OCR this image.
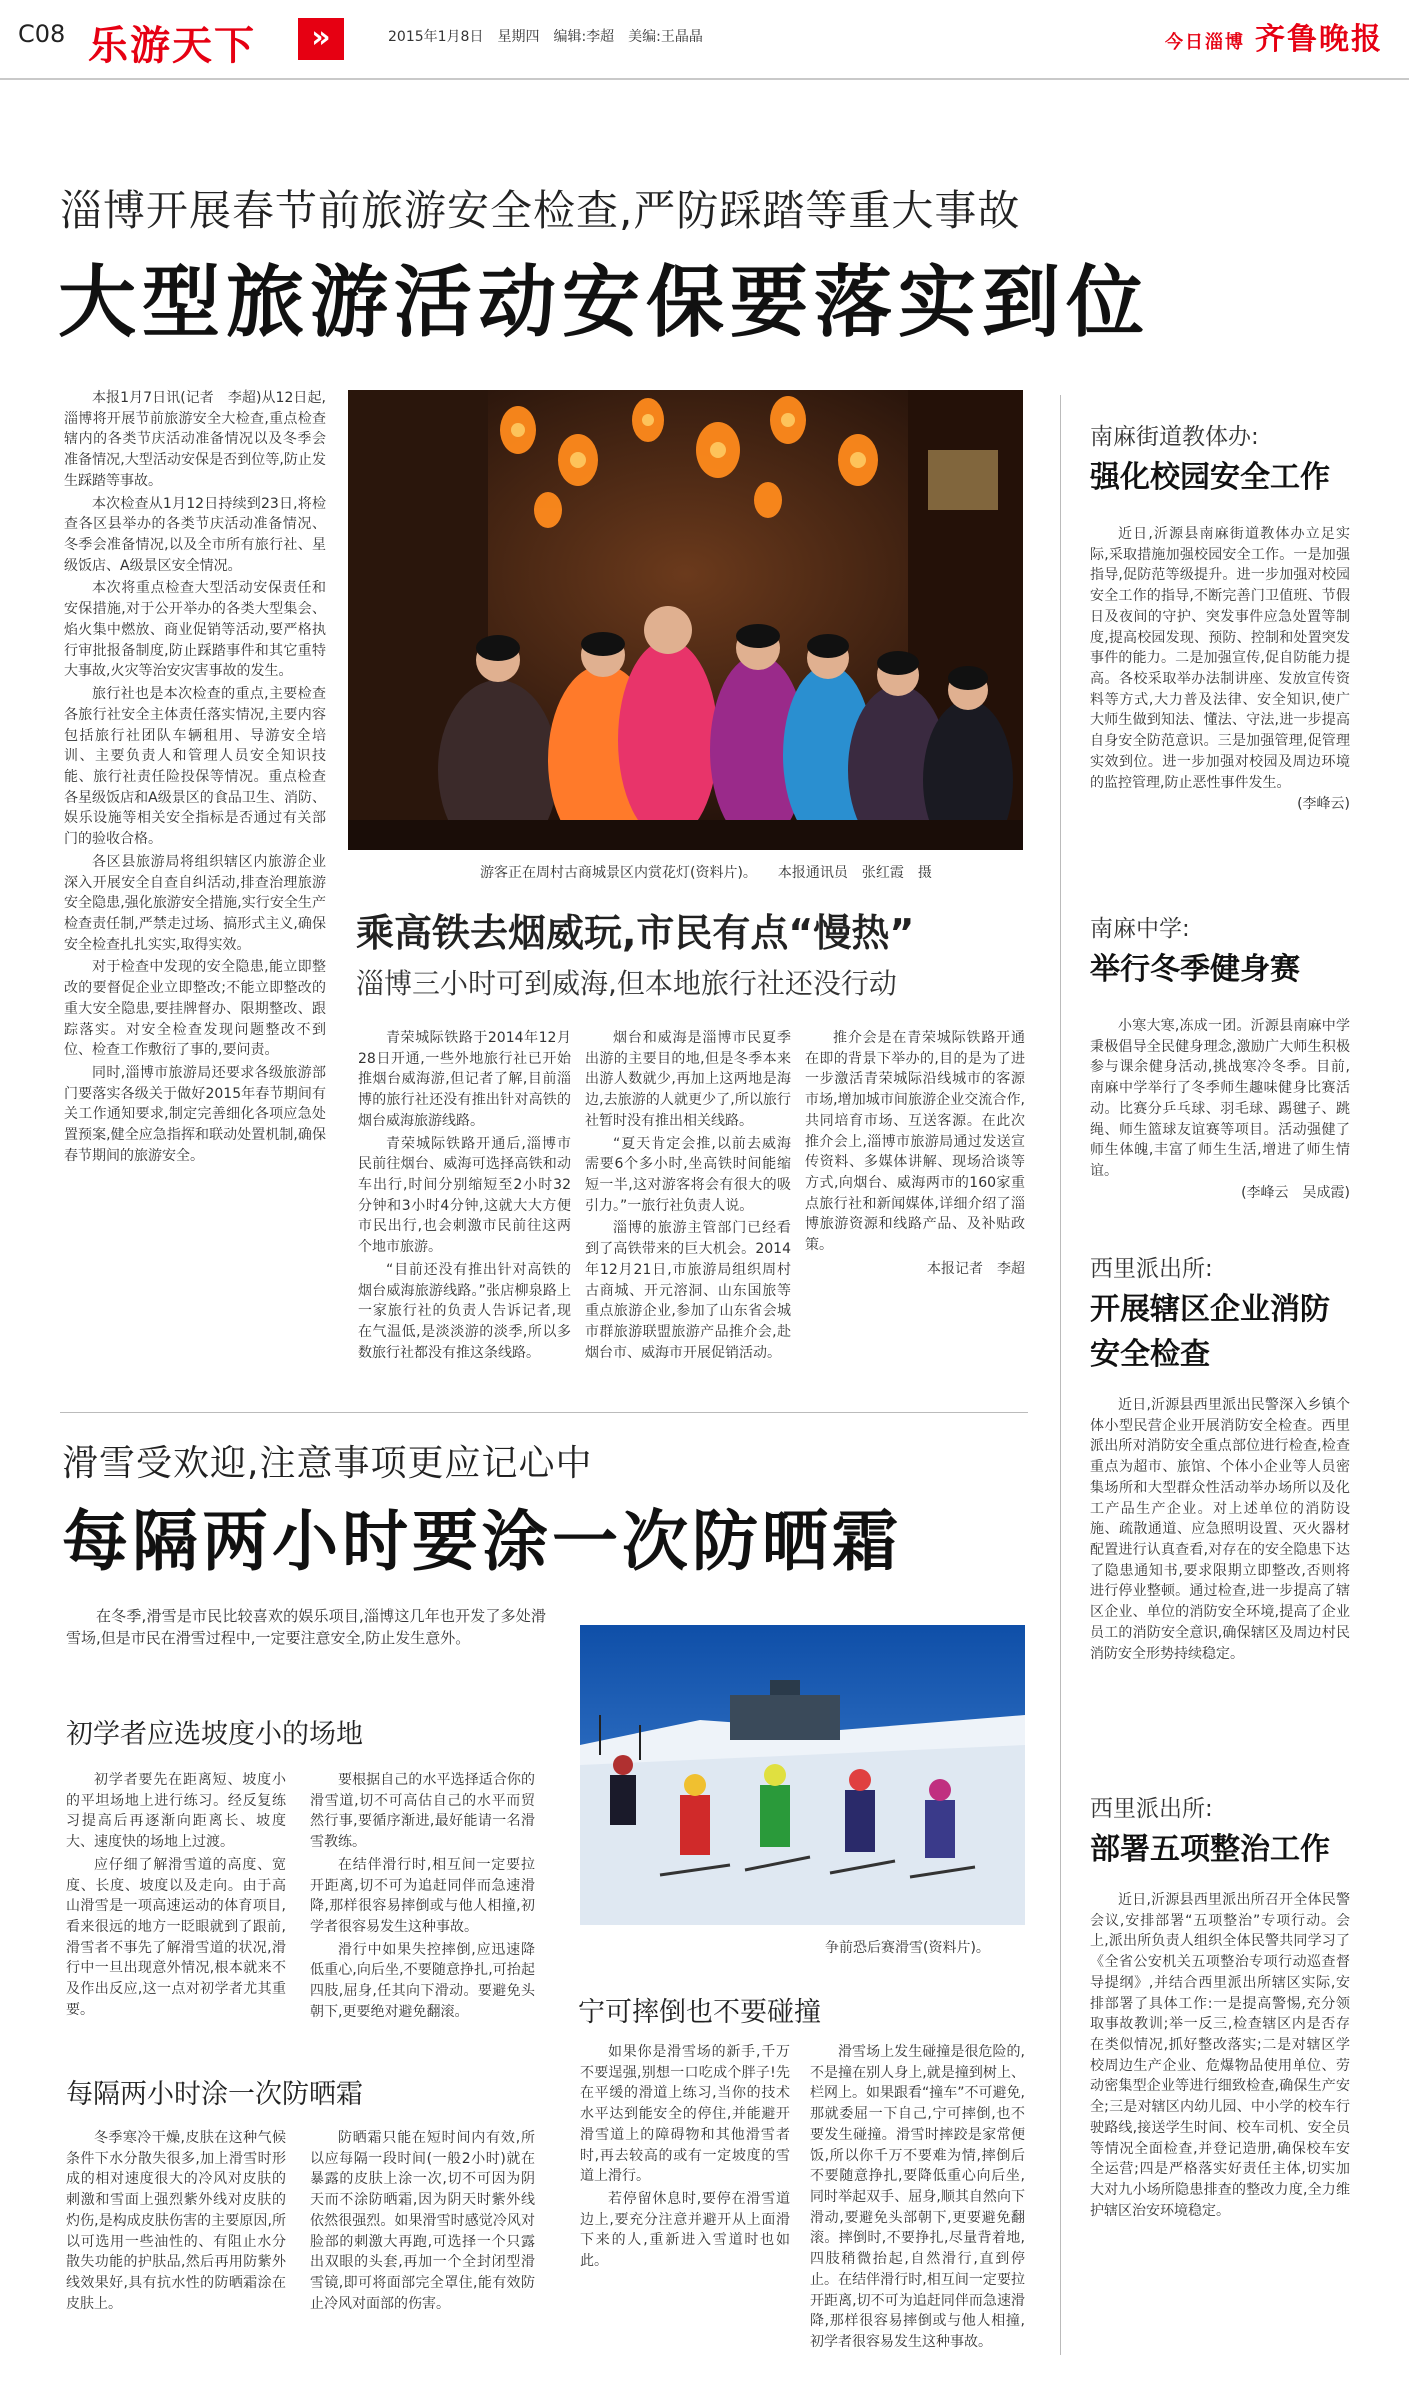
C08 乐游天下	»	2015年1月8日　星期四　编辑:李超　美编:王晶晶	今日淄博 齐鲁晚报
淄博开展春节前旅游安全检查,严防踩踏等重大事故
大型旅游活动安保要落实到位

本报1月7日讯(记者　李超)从12日起,淄博将开展节前旅游安全大检查,重点检查辖内的各类节庆活动准备情况以及冬季会准备情况,大型活动安保是否到位等,防止发生踩踏等事故。

本次检查从1月12日持续到23日,将检查各区县举办的各类节庆活动准备情况、冬季会准备情况,以及全市所有旅行社、星级饭店、A级景区安全情况。

本次将重点检查大型活动安保责任和安保措施,对于公开举办的各类大型集会、焰火集中燃放、商业促销等活动,要严格执行审批报备制度,防止踩踏事件和其它重特大事故,火灾等治安灾害事故的发生。

旅行社也是本次检查的重点,主要检查各旅行社安全主体责任落实情况,主要内容包括旅行社团队车辆租用、导游安全培训、主要负责人和管理人员安全知识技能、旅行社责任险投保等情况。重点检查各星级饭店和A级景区的食品卫生、消防、娱乐设施等相关安全指标是否通过有关部门的验收合格。

各区县旅游局将组织辖区内旅游企业深入开展安全自查自纠活动,排查治理旅游安全隐患,强化旅游安全措施,实行安全生产检查责任制,严禁走过场、搞形式主义,确保安全检查扎扎实实,取得实效。

对于检查中发现的安全隐患,能立即整改的要督促企业立即整改;不能立即整改的重大安全隐患,要挂牌督办、限期整改、跟踪落实。对安全检查发现问题整改不到位、检查工作敷衍了事的,要问责。

同时,淄博市旅游局还要求各级旅游部门要落实各级关于做好2015年春节期间有关工作通知要求,制定完善细化各项应急处置预案,健全应急指挥和联动处置机制,确保春节期间的旅游安全。

游客正在周村古商城景区内赏花灯(资料片)。　　本报通讯员　张红霞　摄
乘高铁去烟威玩,市民有点“慢热”
淄博三小时可到威海,但本地旅行社还没行动

青荣城际铁路于2014年12月28日开通,一些外地旅行社已开始推烟台威海游,但记者了解,目前淄博的旅行社还没有推出针对高铁的烟台威海旅游线路。

青荣城际铁路开通后,淄博市民前往烟台、威海可选择高铁和动车出行,时间分别缩短至2小时32分钟和3小时4分钟,这就大大方便市民出行,也会刺激市民前往这两个地市旅游。

“目前还没有推出针对高铁的烟台威海旅游线路。”张店柳泉路上一家旅行社的负责人告诉记者,现在气温低,是淡淡游的淡季,所以多数旅行社都没有推这条线路。

烟台和威海是淄博市民夏季出游的主要目的地,但是冬季本来出游人数就少,再加上这两地是海边,去旅游的人就更少了,所以旅行社暂时没有推出相关线路。

“夏天肯定会推,以前去威海需要6个多小时,坐高铁时间能缩短一半,这对游客将会有很大的吸引力。”一旅行社负责人说。

淄博的旅游主管部门已经看到了高铁带来的巨大机会。2014年12月21日,市旅游局组织周村古商城、开元溶洞、山东国旅等重点旅游企业,参加了山东省会城市群旅游联盟旅游产品推介会,赴烟台市、威海市开展促销活动。

推介会是在青荣城际铁路开通在即的背景下举办的,目的是为了进一步激活青荣城际沿线城市的客源市场,增加城市间旅游企业交流合作,共同培育市场、互送客源。在此次推介会上,淄博市旅游局通过发送宣传资料、多媒体讲解、现场洽谈等方式,向烟台、威海两市的160家重点旅行社和新闻媒体,详细介绍了淄博旅游资源和线路产品、及补贴政策。

本报记者　李超
滑雪受欢迎,注意事项更应记心中
每隔两小时要涂一次防晒霜

在冬季,滑雪是市民比较喜欢的娱乐项目,淄博这几年也开发了多处滑雪场,但是市民在滑雪过程中,一定要注意安全,防止发生意外。

初学者应选坡度小的场地

初学者要先在距离短、坡度小的平坦场地上进行练习。经反复练习提高后再逐渐向距离长、坡度大、速度快的场地上过渡。

应仔细了解滑雪道的高度、宽度、长度、坡度以及走向。由于高山滑雪是一项高速运动的体育项目,看来很远的地方一眨眼就到了跟前,滑雪者不事先了解滑雪道的状况,滑行中一旦出现意外情况,根本就来不及作出反应,这一点对初学者尤其重要。

要根据自己的水平选择适合你的滑雪道,切不可高估自己的水平而贸然行事,要循序渐进,最好能请一名滑雪教练。

在结伴滑行时,相互间一定要拉开距离,切不可为追赶同伴而急速滑降,那样很容易摔倒或与他人相撞,初学者很容易发生这种事故。

滑行中如果失控摔倒,应迅速降低重心,向后坐,不要随意挣扎,可抬起四肢,屈身,任其向下滑动。要避免头朝下,更要绝对避免翻滚。

每隔两小时涂一次防晒霜

冬季寒冷干燥,皮肤在这种气候条件下水分散失很多,加上滑雪时形成的相对速度很大的冷风对皮肤的刺激和雪面上强烈紫外线对皮肤的灼伤,是构成皮肤伤害的主要原因,所以可选用一些油性的、有阻止水分散失功能的护肤品,然后再用防紫外线效果好,具有抗水性的防晒霜涂在皮肤上。

防晒霜只能在短时间内有效,所以应每隔一段时间(一般2小时)就在暴露的皮肤上涂一次,切不可因为阴天而不涂防晒霜,因为阴天时紫外线依然很强烈。如果滑雪时感觉冷风对脸部的刺激大再跑,可选择一个只露出双眼的头套,再加一个全封闭型滑雪镜,即可将面部完全罩住,能有效防止冷风对面部的伤害。

争前恐后赛滑雪(资料片)。
宁可摔倒也不要碰撞

如果你是滑雪场的新手,千万不要逞强,别想一口吃成个胖子!先在平缓的滑道上练习,当你的技术水平达到能安全的停住,并能避开滑雪道上的障碍物和其他滑雪者时,再去较高的或有一定坡度的雪道上滑行。

若停留休息时,要停在滑雪道边上,要充分注意并避开从上面滑下来的人,重新进入雪道时也如此。

滑雪场上发生碰撞是很危险的,不是撞在别人身上,就是撞到树上、栏网上。如果跟看“撞车”不可避免,那就委屈一下自己,宁可摔倒,也不要发生碰撞。滑雪时摔跤是家常便饭,所以你千万不要难为情,摔倒后不要随意挣扎,要降低重心向后坐,同时举起双手、屈身,顺其自然向下滑动,要避免头部朝下,更要避免翻滚。摔倒时,不要挣扎,尽量背着地,四肢稍微抬起,自然滑行,直到停止。在结伴滑行时,相互间一定要拉开距离,切不可为追赶同伴而急速滑降,那样很容易摔倒或与他人相撞,初学者很容易发生这种事故。

南麻街道教体办:
强化校园安全工作

近日,沂源县南麻街道教体办立足实际,采取措施加强校园安全工作。一是加强指导,促防范等级提升。进一步加强对校园安全工作的指导,不断完善门卫值班、节假日及夜间的守护、突发事件应急处置等制度,提高校园发现、预防、控制和处置突发事件的能力。二是加强宣传,促自防能力提高。各校采取举办法制讲座、发放宣传资料等方式,大力普及法律、安全知识,使广大师生做到知法、懂法、守法,进一步提高自身安全防范意识。三是加强管理,促管理实效到位。进一步加强对校园及周边环境的监控管理,防止恶性事件发生。

(李峰云)
南麻中学:
举行冬季健身赛

小寒大寒,冻成一团。沂源县南麻中学秉极倡导全民健身理念,激励广大师生积极参与课余健身活动,挑战寒冷冬季。目前,南麻中学举行了冬季师生趣味健身比赛活动。比赛分乒乓球、羽毛球、踢毽子、跳绳、师生篮球友谊赛等项目。活动强健了师生体魄,丰富了师生生活,增进了师生情谊。

(李峰云　吴成霞)
西里派出所:
开展辖区企业消防安全检查

近日,沂源县西里派出民警深入乡镇个体小型民营企业开展消防安全检查。西里派出所对消防安全重点部位进行检查,检查重点为超市、旅馆、个体小企业等人员密集场所和大型群众性活动举办场所以及化工产品生产企业。对上述单位的消防设施、疏散通道、应急照明设置、灭火器材配置进行认真查看,对存在的安全隐患下达了隐患通知书,要求限期立即整改,否则将进行停业整顿。通过检查,进一步提高了辖区企业、单位的消防安全环境,提高了企业员工的消防安全意识,确保辖区及周边村民消防安全形势持续稳定。

西里派出所:
部署五项整治工作

近日,沂源县西里派出所召开全体民警会议,安排部署“五项整治”专项行动。会上,派出所负责人组织全体民警共同学习了《全省公安机关五项整治专项行动巡查督导提纲》,并结合西里派出所辖区实际,安排部署了具体工作:一是提高警惕,充分领取事故教训;举一反三,检查辖区内是否存在类似情况,抓好整改落实;二是对辖区学校周边生产企业、危爆物品使用单位、劳动密集型企业等进行细致检查,确保生产安全;三是对辖区内幼儿园、中小学的校车行驶路线,接送学生时间、校车司机、安全员等情况全面检查,并登记造册,确保校车安全运营;四是严格落实好责任主体,切实加大对九小场所隐患排查的整改力度,全力维护辖区治安环境稳定。
